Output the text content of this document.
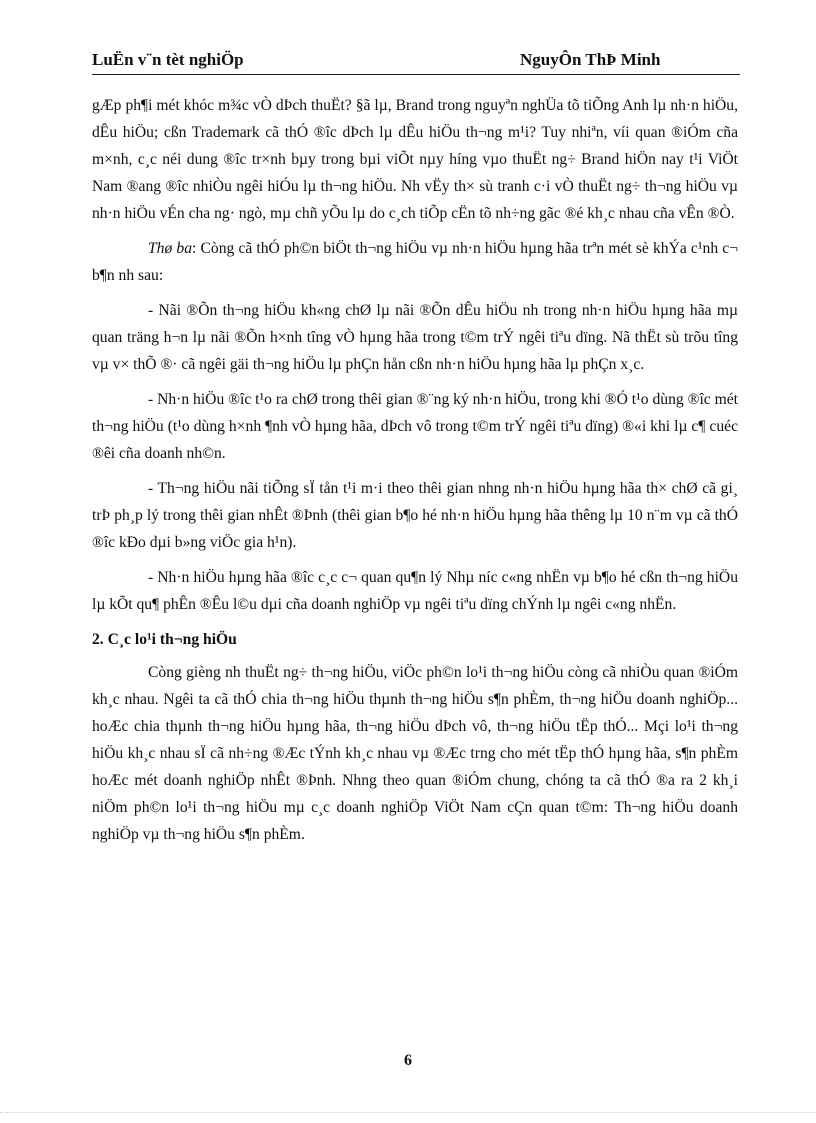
LuËn v¨n tèt nghiÖp	NguyÔn ThÞ Minh

gÆp ph¶i mét khóc m¾c vÒ dÞch thuËt? §ã lµ, Brand trong nguyªn nghÜa tõ tiÕng Anh lµ nh·n hiÖu, dÊu hiÖu; cßn Trademark cã thÓ ®îc dÞch lµ dÊu hiÖu th¬ng m¹i? Tuy nhiªn, víi quan ®iÓm cña m×nh, c¸c néi dung ®îc tr×nh bµy trong bµi viÕt nµy híng vµo thuËt ng÷ Brand hiÖn nay t¹i ViÖt Nam ®ang ®îc nhiÒu ngêi hiÓu lµ th¬ng hiÖu. Nh vËy th× sù tranh c·i vÒ thuËt ng÷ th¬ng hiÖu vµ nh·n hiÖu vÉn cha ng· ngò, mµ chñ yÕu lµ do c¸ch tiÕp cËn tõ nh÷ng gãc ®é kh¸c nhau cña vÊn ®Ò.

Thø ba: Còng cã thÓ ph©n biÖt th¬ng hiÖu vµ nh·n hiÖu hµng hãa trªn mét sè khÝa c¹nh c¬ b¶n nh sau:

- Nãi ®Õn th¬ng hiÖu kh«ng chØ lµ nãi ®Õn dÊu hiÖu nh trong nh·n hiÖu hµng hãa mµ quan träng h¬n lµ nãi ®Õn h×nh tîng vÒ hµng hãa trong t©m trÝ ngêi tiªu dïng. Nã thËt sù trõu tîng vµ v× thÕ ®· cã ngêi gäi th¬ng hiÖu lµ phÇn hån cßn nh·n hiÖu hµng hãa lµ phÇn x¸c.

- Nh·n hiÖu ®îc t¹o ra chØ trong thêi gian ®¨ng ký nh·n hiÖu, trong khi ®Ó t¹o dùng ®îc mét th¬ng hiÖu (t¹o dùng h×nh ¶nh vÒ hµng hãa, dÞch vô trong t©m trÝ ngêi tiªu dïng) ®«i khi lµ c¶ cuéc ®êi cña doanh nh©n.

- Th¬ng hiÖu nãi tiÕng sÏ tån t¹i m·i theo thêi gian nhng nh·n hiÖu hµng hãa th× chØ cã gi¸ trÞ ph¸p lý trong thêi gian nhÊt ®Þnh (thêi gian b¶o hé nh·n hiÖu hµng hãa thêng lµ 10 n¨m vµ cã thÓ ®îc kÐo dµi b»ng viÖc gia h¹n).

- Nh·n hiÖu hµng hãa ®îc c¸c c¬ quan qu¶n lý Nhµ níc c«ng nhËn vµ b¶o hé cßn th¬ng hiÖu lµ kÕt qu¶ phÊn ®Êu l©u dµi cña doanh nghiÖp vµ ngêi tiªu dïng chÝnh lµ ngêi c«ng nhËn.

2. C¸c lo¹i th¬ng hiÖu

Còng gièng nh thuËt ng÷ th¬ng hiÖu, viÖc ph©n lo¹i th¬ng hiÖu còng cã nhiÒu quan ®iÓm kh¸c nhau. Ngêi ta cã thÓ chia th¬ng hiÖu thµnh th¬ng hiÖu s¶n phÈm, th¬ng hiÖu doanh nghiÖp... hoÆc chia thµnh th¬ng hiÖu hµng hãa, th¬ng hiÖu dÞch vô, th¬ng hiÖu tËp thÓ... Mçi lo¹i th¬ng hiÖu kh¸c nhau sÏ cã nh÷ng ®Æc tÝnh kh¸c nhau vµ ®Æc trng cho mét tËp thÓ hµng hãa, s¶n phÈm hoÆc mét doanh nghiÖp nhÊt ®Þnh. Nhng theo quan ®iÓm chung, chóng ta cã thÓ ®a ra 2 kh¸i niÖm ph©n lo¹i th¬ng hiÖu mµ c¸c doanh nghiÖp ViÖt Nam cÇn quan t©m: Th¬ng hiÖu doanh nghiÖp vµ th¬ng hiÖu s¶n phÈm.

6
